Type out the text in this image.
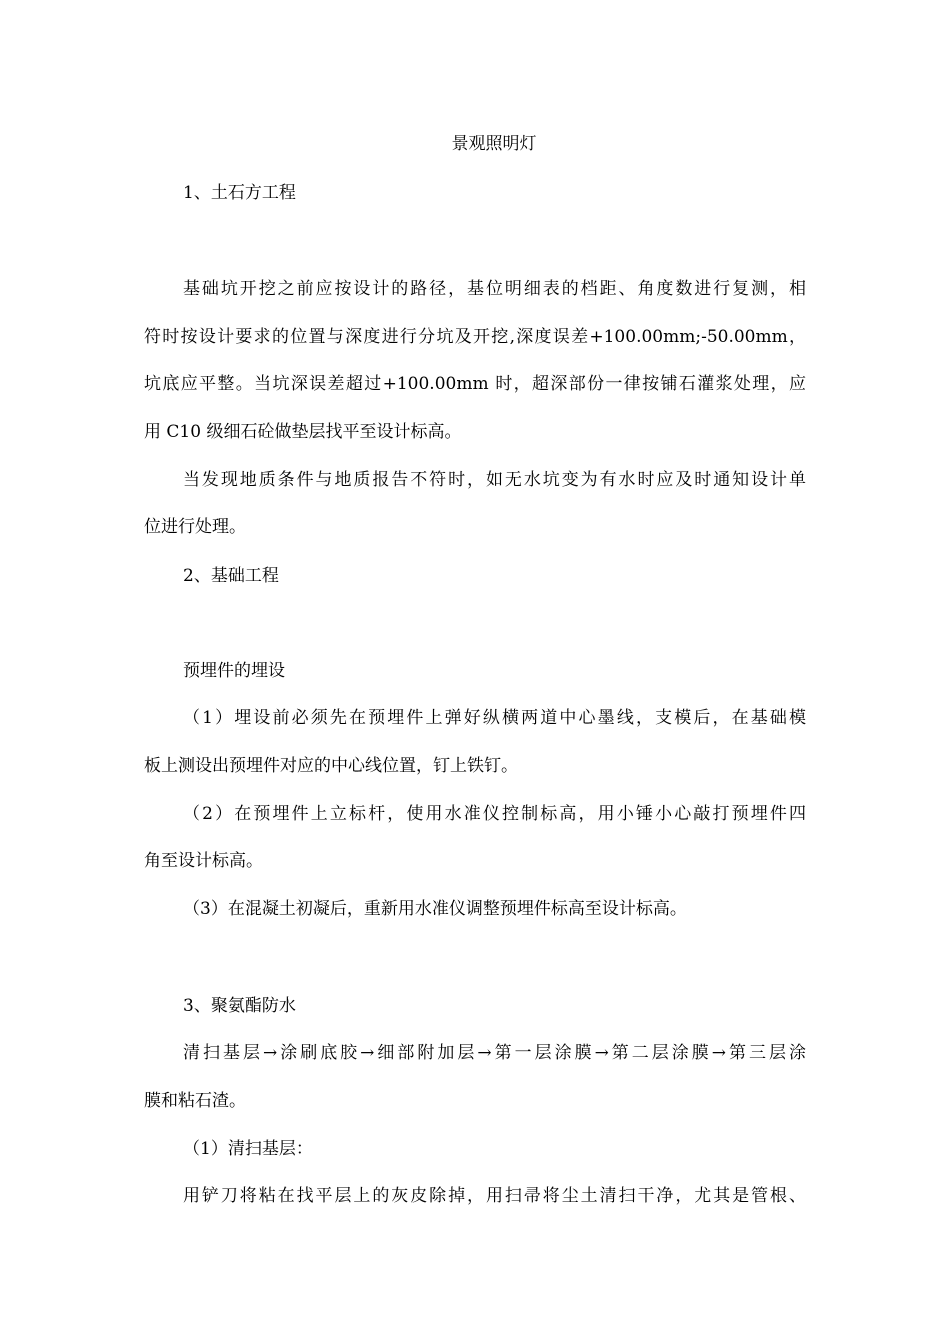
景观照明灯
1、土石方工程
基础坑开挖之前应按设计的路径，基位明细表的档距、角度数进行复测，相
符时按设计要求的位置与深度进行分坑及开挖,深度误差+100.00mm;-50.00mm，
坑底应平整。当坑深误差超过+100.00mm 时，超深部份一律按铺石灌浆处理，应
用 C10 级细石砼做垫层找平至设计标高。
当发现地质条件与地质报告不符时，如无水坑变为有水时应及时通知设计单
位进行处理。
2、基础工程
预埋件的埋设
（1）埋设前必须先在预埋件上弹好纵横两道中心墨线，支模后，在基础模
板上测设出预埋件对应的中心线位置，钉上铁钉。
（2）在预埋件上立标杆，使用水准仪控制标高，用小锤小心敲打预埋件四
角至设计标高。
（3）在混凝土初凝后，重新用水准仪调整预埋件标高至设计标高。
3、聚氨酯防水
清扫基层→涂刷底胶→细部附加层→第一层涂膜→第二层涂膜→第三层涂
膜和粘石渣。
（1）清扫基层：
用铲刀将粘在找平层上的灰皮除掉，用扫帚将尘土清扫干净，尤其是管根、
